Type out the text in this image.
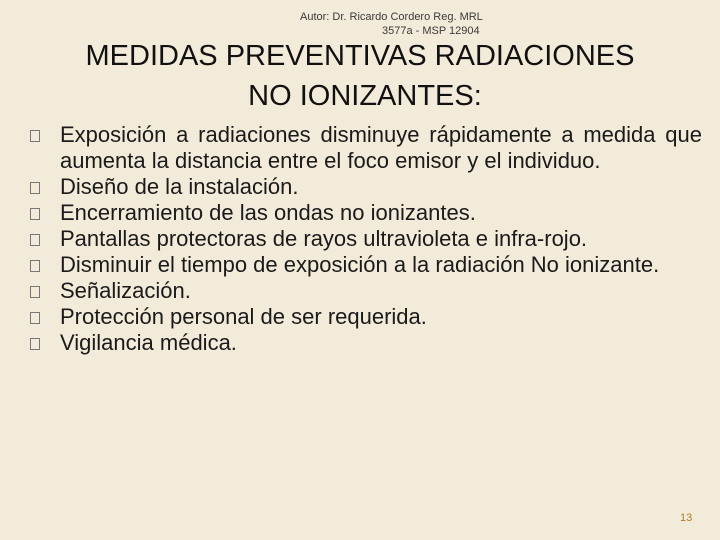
Autor: Dr. Ricardo Cordero Reg. MRL
3577a - MSP 12904
MEDIDAS PREVENTIVAS RADIACIONES
NO IONIZANTES:
Exposición a radiaciones disminuye rápidamente a medida que aumenta la distancia entre el foco emisor y el individuo.
Diseño de la instalación.
Encerramiento de las ondas no ionizantes.
Pantallas protectoras de rayos ultravioleta e infra-rojo.
Disminuir el tiempo de exposición a la radiación No ionizante.
Señalización.
Protección personal de ser requerida.
Vigilancia médica.
13
